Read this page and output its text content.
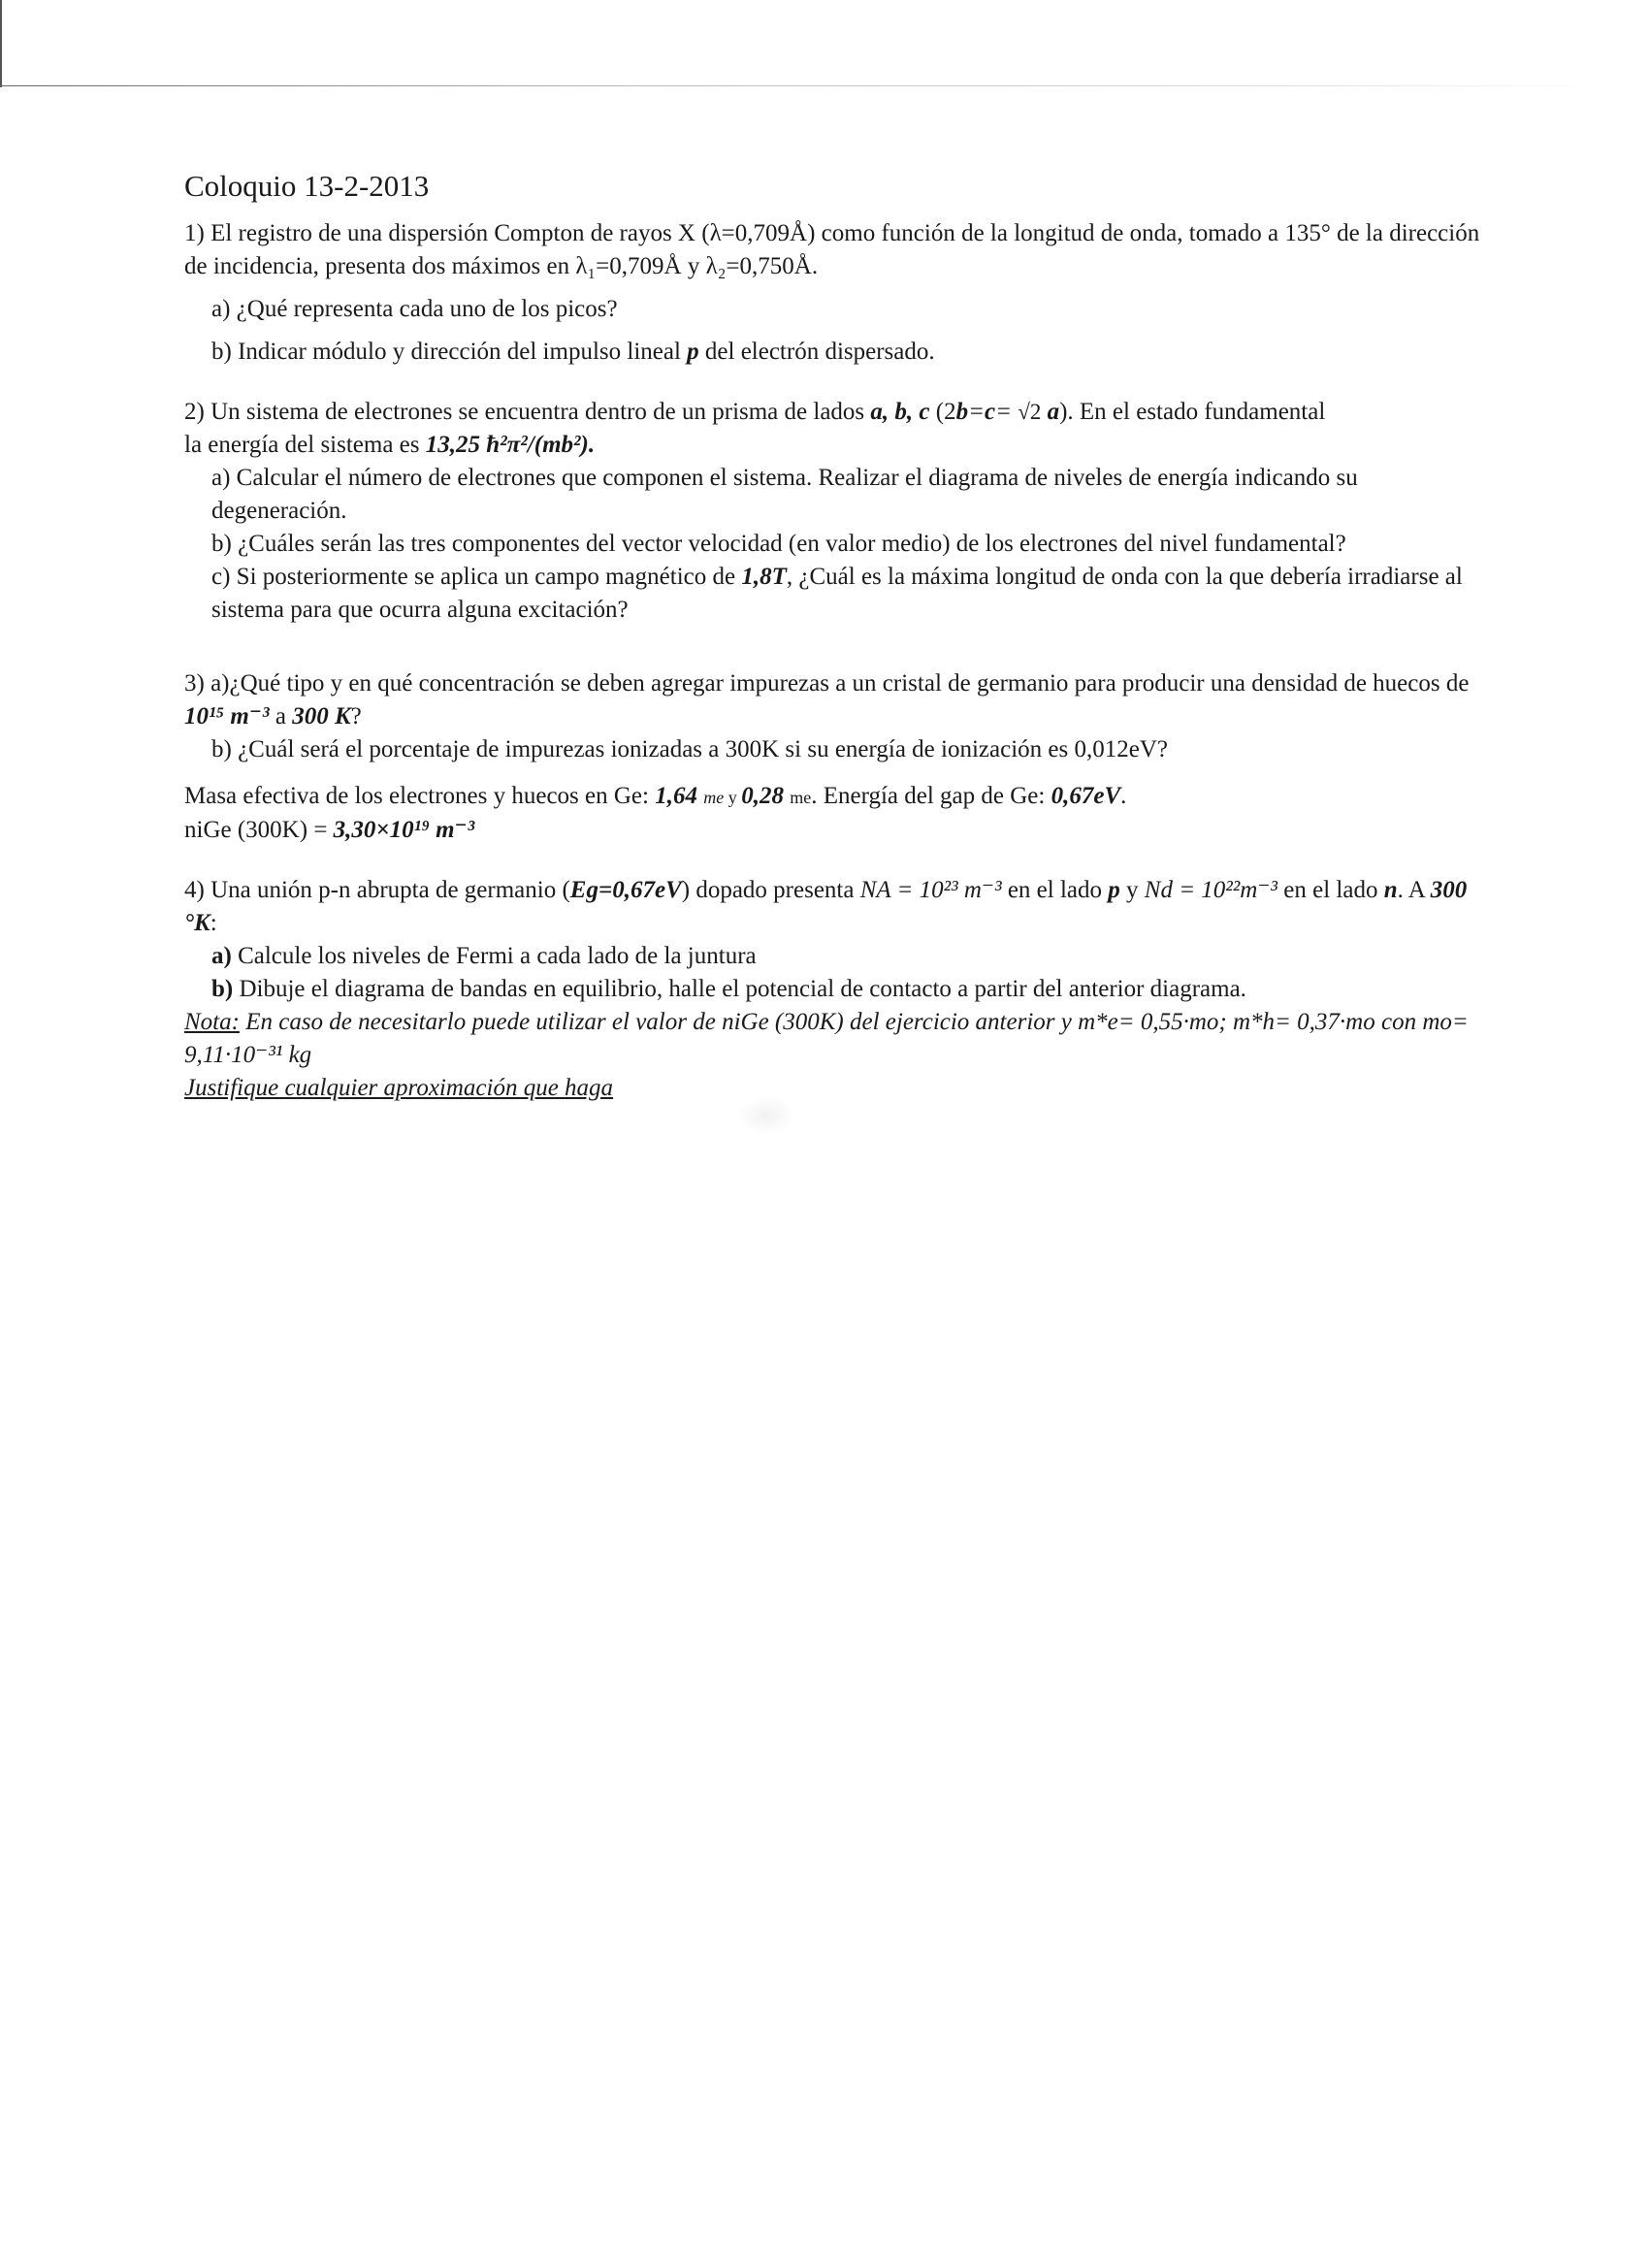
Coloquio 13-2-2013

1) El registro de una dispersión Compton de rayos X (λ=0,709Å) como función de la longitud de onda, tomado a 135° de la dirección de incidencia, presenta dos máximos en λ₁=0,709Å y λ₂=0,750Å.

a) ¿Qué representa cada uno de los picos?

b) Indicar módulo y dirección del impulso lineal p del electrón dispersado.

2) Un sistema de electrones se encuentra dentro de un prisma de lados a, b, c (2b=c= √2 a). En el estado fundamental
la energía del sistema es 13,25 ħ²π²/(mb²).

a) Calcular el número de electrones que componen el sistema. Realizar el diagrama de niveles de energía indicando su degeneración.

b) ¿Cuáles serán las tres componentes del vector velocidad (en valor medio) de los electrones del nivel fundamental?

c) Si posteriormente se aplica un campo magnético de 1,8T, ¿Cuál es la máxima longitud de onda con la que debería irradiarse al sistema para que ocurra alguna excitación?

3) a)¿Qué tipo y en qué concentración se deben agregar impurezas a un cristal de germanio para producir una densidad de huecos de 10¹⁵ m⁻³ a 300 K?

b) ¿Cuál será el porcentaje de impurezas ionizadas a 300K si su energía de ionización es 0,012eV?

Masa efectiva de los electrones y huecos en Ge: 1,64 me y 0,28 me. Energía del gap de Ge: 0,67eV.
niGe (300K) = 3,30×10¹⁹ m⁻³

4) Una unión p-n abrupta de germanio (Eg=0,67eV) dopado presenta NA = 10²³ m⁻³ en el lado p y Nd = 10²²m⁻³ en el lado n. A 300 °K:

a) Calcule los niveles de Fermi a cada lado de la juntura

b) Dibuje el diagrama de bandas en equilibrio, halle el potencial de contacto a partir del anterior diagrama.

Nota: En caso de necesitarlo puede utilizar el valor de niGe (300K) del ejercicio anterior y m*e= 0,55·mo; m*h= 0,37·mo con mo= 9,11·10⁻³¹ kg

Justifique cualquier aproximación que haga
